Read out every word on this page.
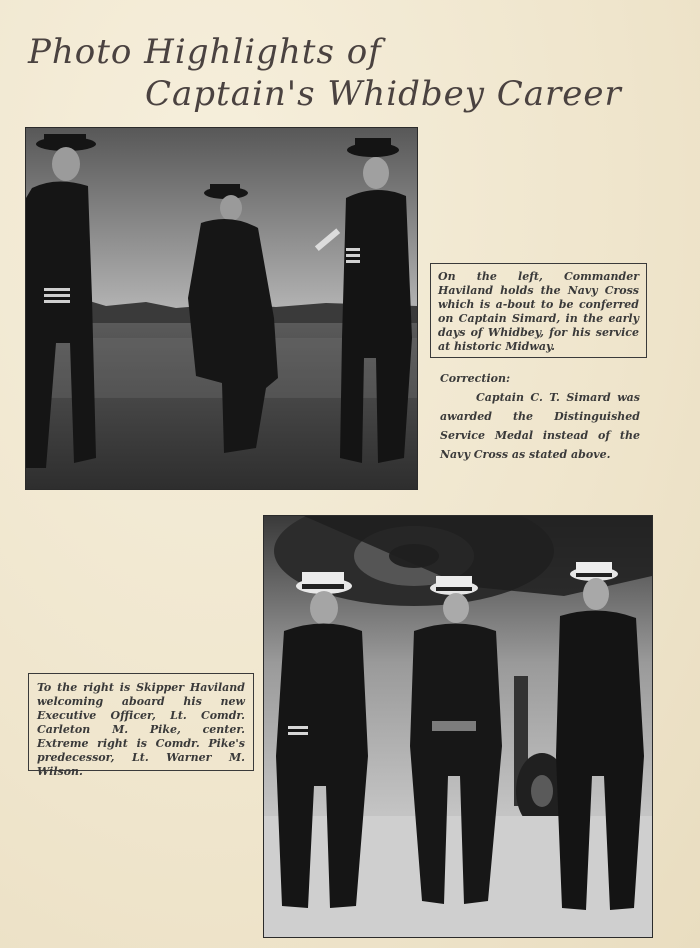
Photo Highlights of
Captain's Whidbey Career
On the left, Commander Haviland holds the Navy Cross which is a-bout to be conferred on Captain Simard, in the early days of Whidbey, for his service at historic Midway.

Correction:

Captain C. T. Simard was awarded the Distinguished Service Medal instead of the Navy Cross as stated above.

To the right is Skipper Haviland welcoming aboard his new Executive Officer, Lt. Comdr. Carleton M. Pike, center. Extreme right is Comdr. Pike's predecessor, Lt. Warner M. Wilson.
